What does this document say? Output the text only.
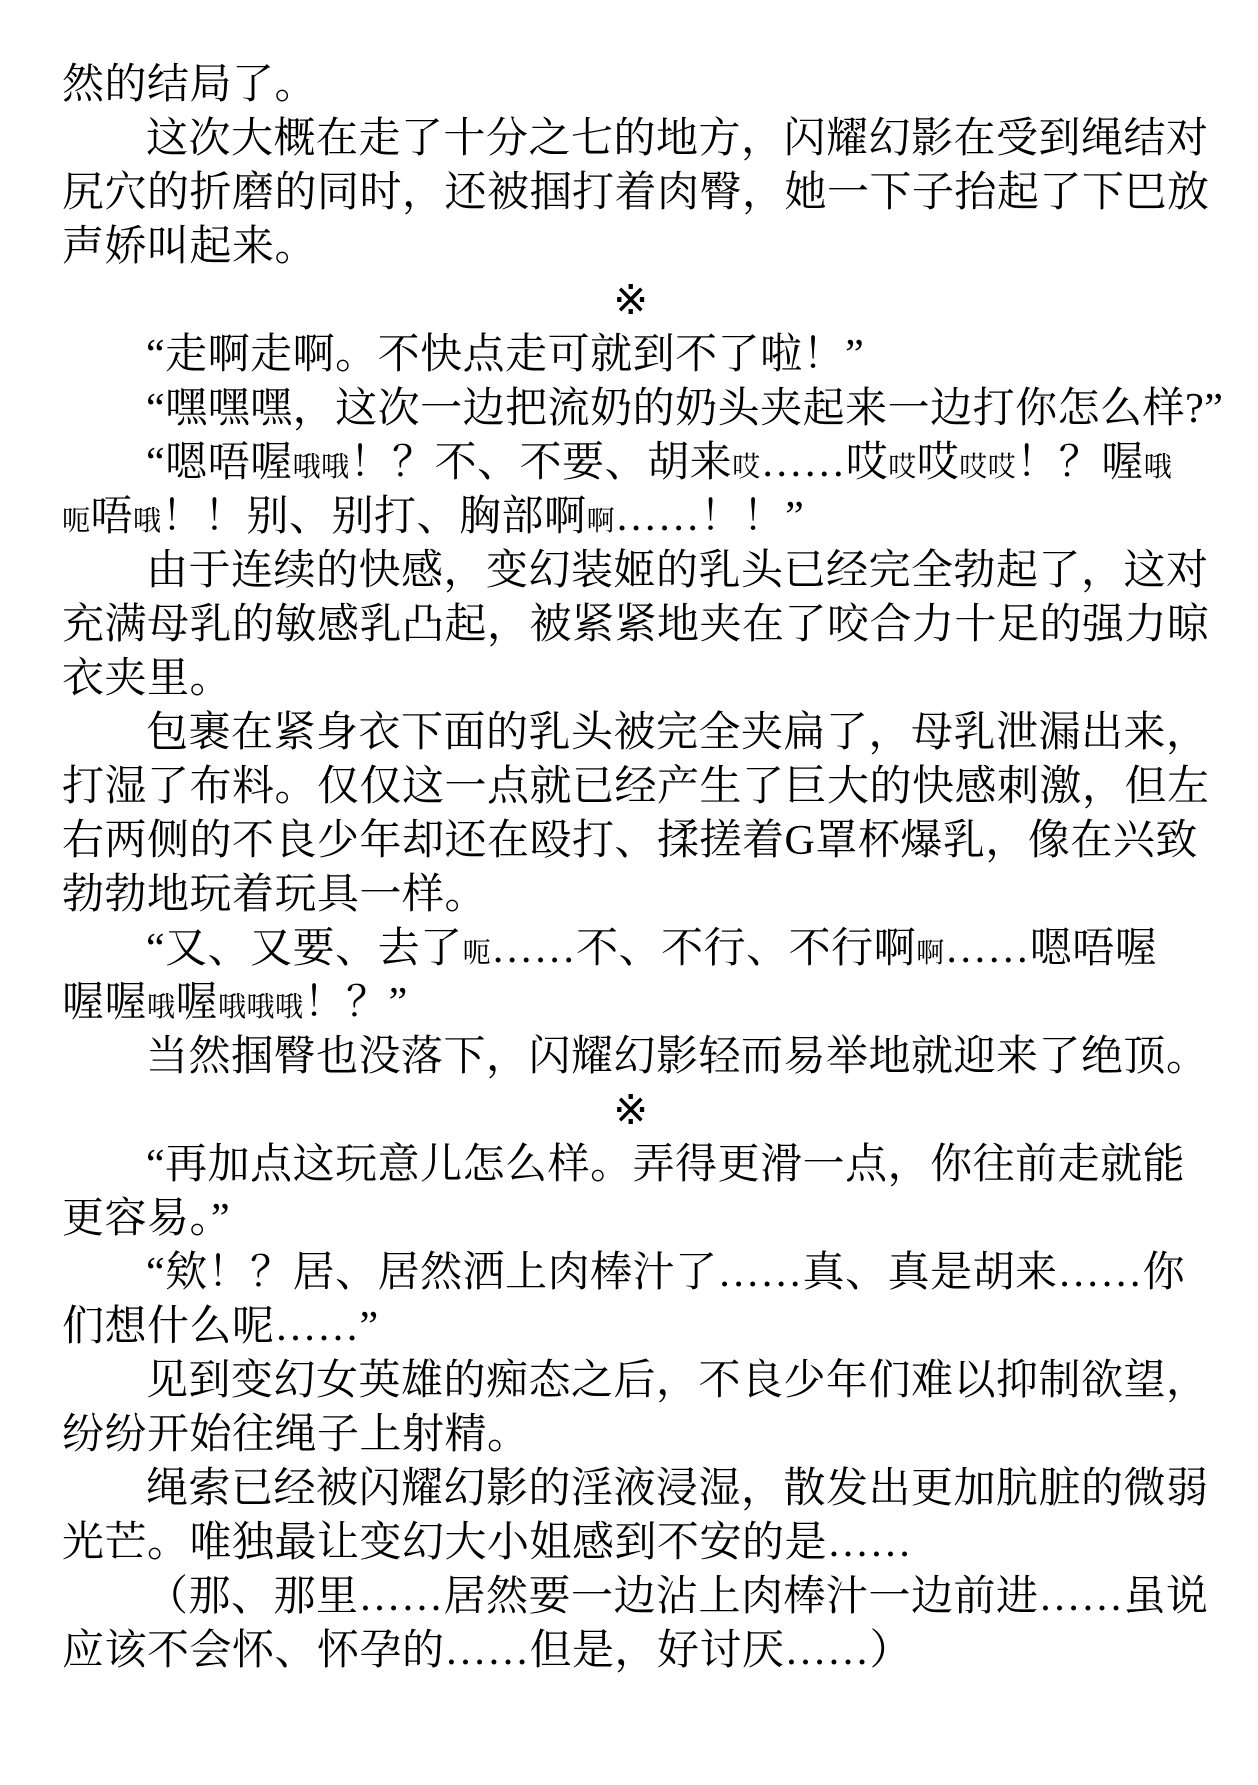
然的结局了。
这次大概在走了十分之七的地方，闪耀幻影在受到绳结对
尻穴的折磨的同时，还被掴打着肉臀，她一下子抬起了下巴放
声娇叫起来。
※
“走啊走啊。不快点走可就到不了啦！”
“嘿嘿嘿，这次一边把流奶的奶头夹起来一边打你怎么样?”
“嗯唔喔哦哦！？不、不要、胡来哎……哎哎哎哎哎！？喔哦
呃唔哦！！别、别打、胸部啊啊……！！”
由于连续的快感，变幻装姬的乳头已经完全勃起了，这对
充满母乳的敏感乳凸起，被紧紧地夹在了咬合力十足的强力晾
衣夹里。
包裹在紧身衣下面的乳头被完全夹扁了，母乳泄漏出来，
打湿了布料。仅仅这一点就已经产生了巨大的快感刺激，但左
右两侧的不良少年却还在殴打、揉搓着G罩杯爆乳，像在兴致
勃勃地玩着玩具一样。
“又、又要、去了呃……不、不行、不行啊啊……嗯唔喔
喔喔哦喔哦哦哦！？”
当然掴臀也没落下，闪耀幻影轻而易举地就迎来了绝顶。
※
“再加点这玩意儿怎么样。弄得更滑一点，你往前走就能
更容易。”
“欸！？居、居然洒上肉棒汁了……真、真是胡来……你
们想什么呢……”
见到变幻女英雄的痴态之后，不良少年们难以抑制欲望，
纷纷开始往绳子上射精。
绳索已经被闪耀幻影的淫液浸湿，散发出更加肮脏的微弱
光芒。唯独最让变幻大小姐感到不安的是……
（那、那里……居然要一边沾上肉棒汁一边前进……虽说
应该不会怀、怀孕的……但是，好讨厌……）
